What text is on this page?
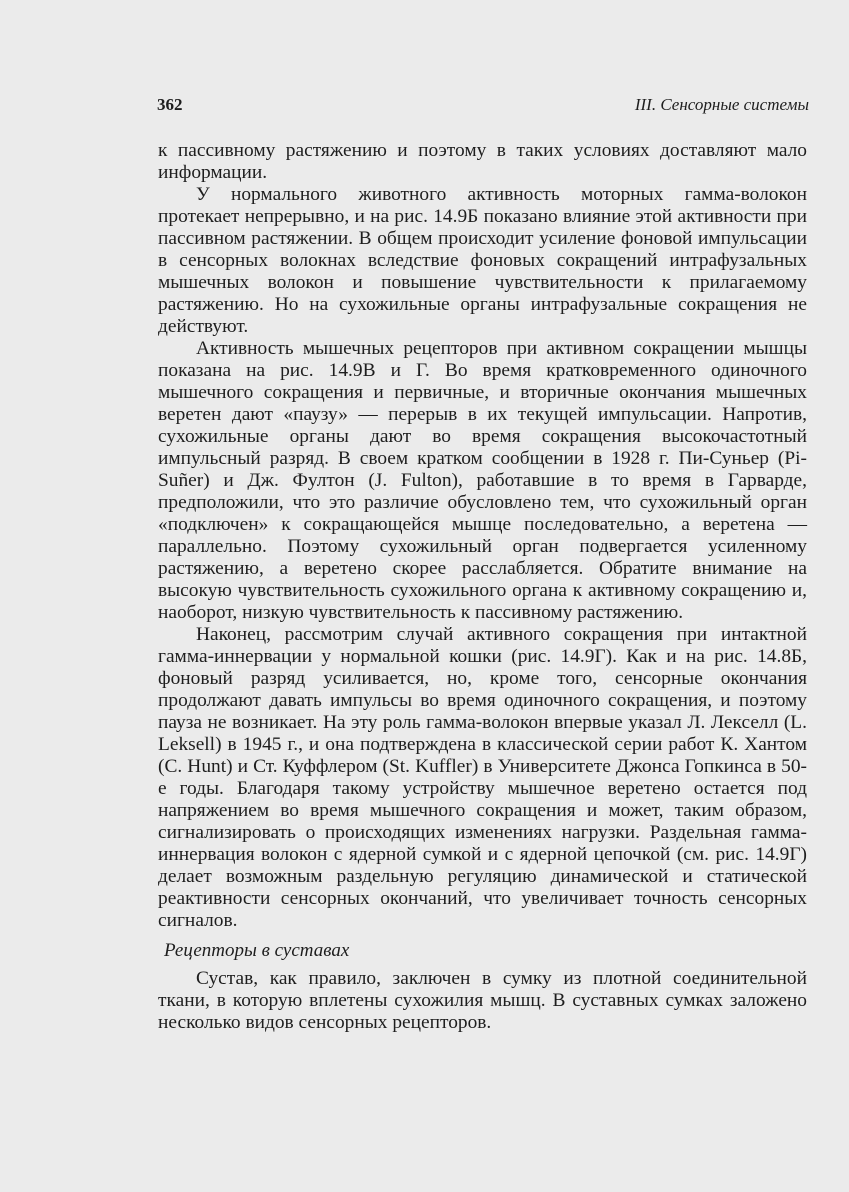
362	III. Сенсорные системы

к пассивному растяжению и поэтому в таких условиях доставляют мало информации.

У нормального животного активность моторных гамма-волокон протекает непрерывно, и на рис. 14.9Б показано влияние этой активности при пассивном растяжении. В общем происходит усиление фоновой импульсации в сенсорных волокнах вследствие фоновых сокращений интрафузальных мышечных волокон и повышение чувствительности к прилагаемому растяжению. Но на сухожильные органы интрафузальные сокращения не действуют.

Активность мышечных рецепторов при активном сокращении мышцы показана на рис. 14.9В и Г. Во время кратковременного одиночного мышечного сокращения и первичные, и вторичные окончания мышечных веретен дают «паузу» — перерыв в их текущей импульсации. Напротив, сухожильные органы дают во время сокращения высокочастотный импульсный разряд. В своем кратком сообщении в 1928 г. Пи-Суньер (Pi-Suñer) и Дж. Фултон (J. Fulton), работавшие в то время в Гарварде, предположили, что это различие обусловлено тем, что сухожильный орган «подключен» к сокращающейся мышце последовательно, а веретена — параллельно. Поэтому сухожильный орган подвергается усиленному растяжению, а веретено скорее расслабляется. Обратите внимание на высокую чувствительность сухожильного органа к активному сокращению и, наоборот, низкую чувствительность к пассивному растяжению.

Наконец, рассмотрим случай активного сокращения при интактной гамма-иннервации у нормальной кошки (рис. 14.9Г). Как и на рис. 14.8Б, фоновый разряд усиливается, но, кроме того, сенсорные окончания продолжают давать импульсы во время одиночного сокращения, и поэтому пауза не возникает. На эту роль гамма-волокон впервые указал Л. Лекселл (L. Leksell) в 1945 г., и она подтверждена в классической серии работ К. Хантом (C. Hunt) и Ст. Куффлером (St. Kuffler) в Университете Джонса Гопкинса в 50-е годы. Благодаря такому устройству мышечное веретено остается под напряжением во время мышечного сокращения и может, таким образом, сигнализировать о происходящих изменениях нагрузки. Раздельная гамма-иннервация волокон с ядерной сумкой и с ядерной цепочкой (см. рис. 14.9Г) делает возможным раздельную регуляцию динамической и статической реактивности сенсорных окончаний, что увеличивает точность сенсорных сигналов.

Рецепторы в суставах

Сустав, как правило, заключен в сумку из плотной соединительной ткани, в которую вплетены сухожилия мышц. В суставных сумках заложено несколько видов сенсорных рецепторов.
